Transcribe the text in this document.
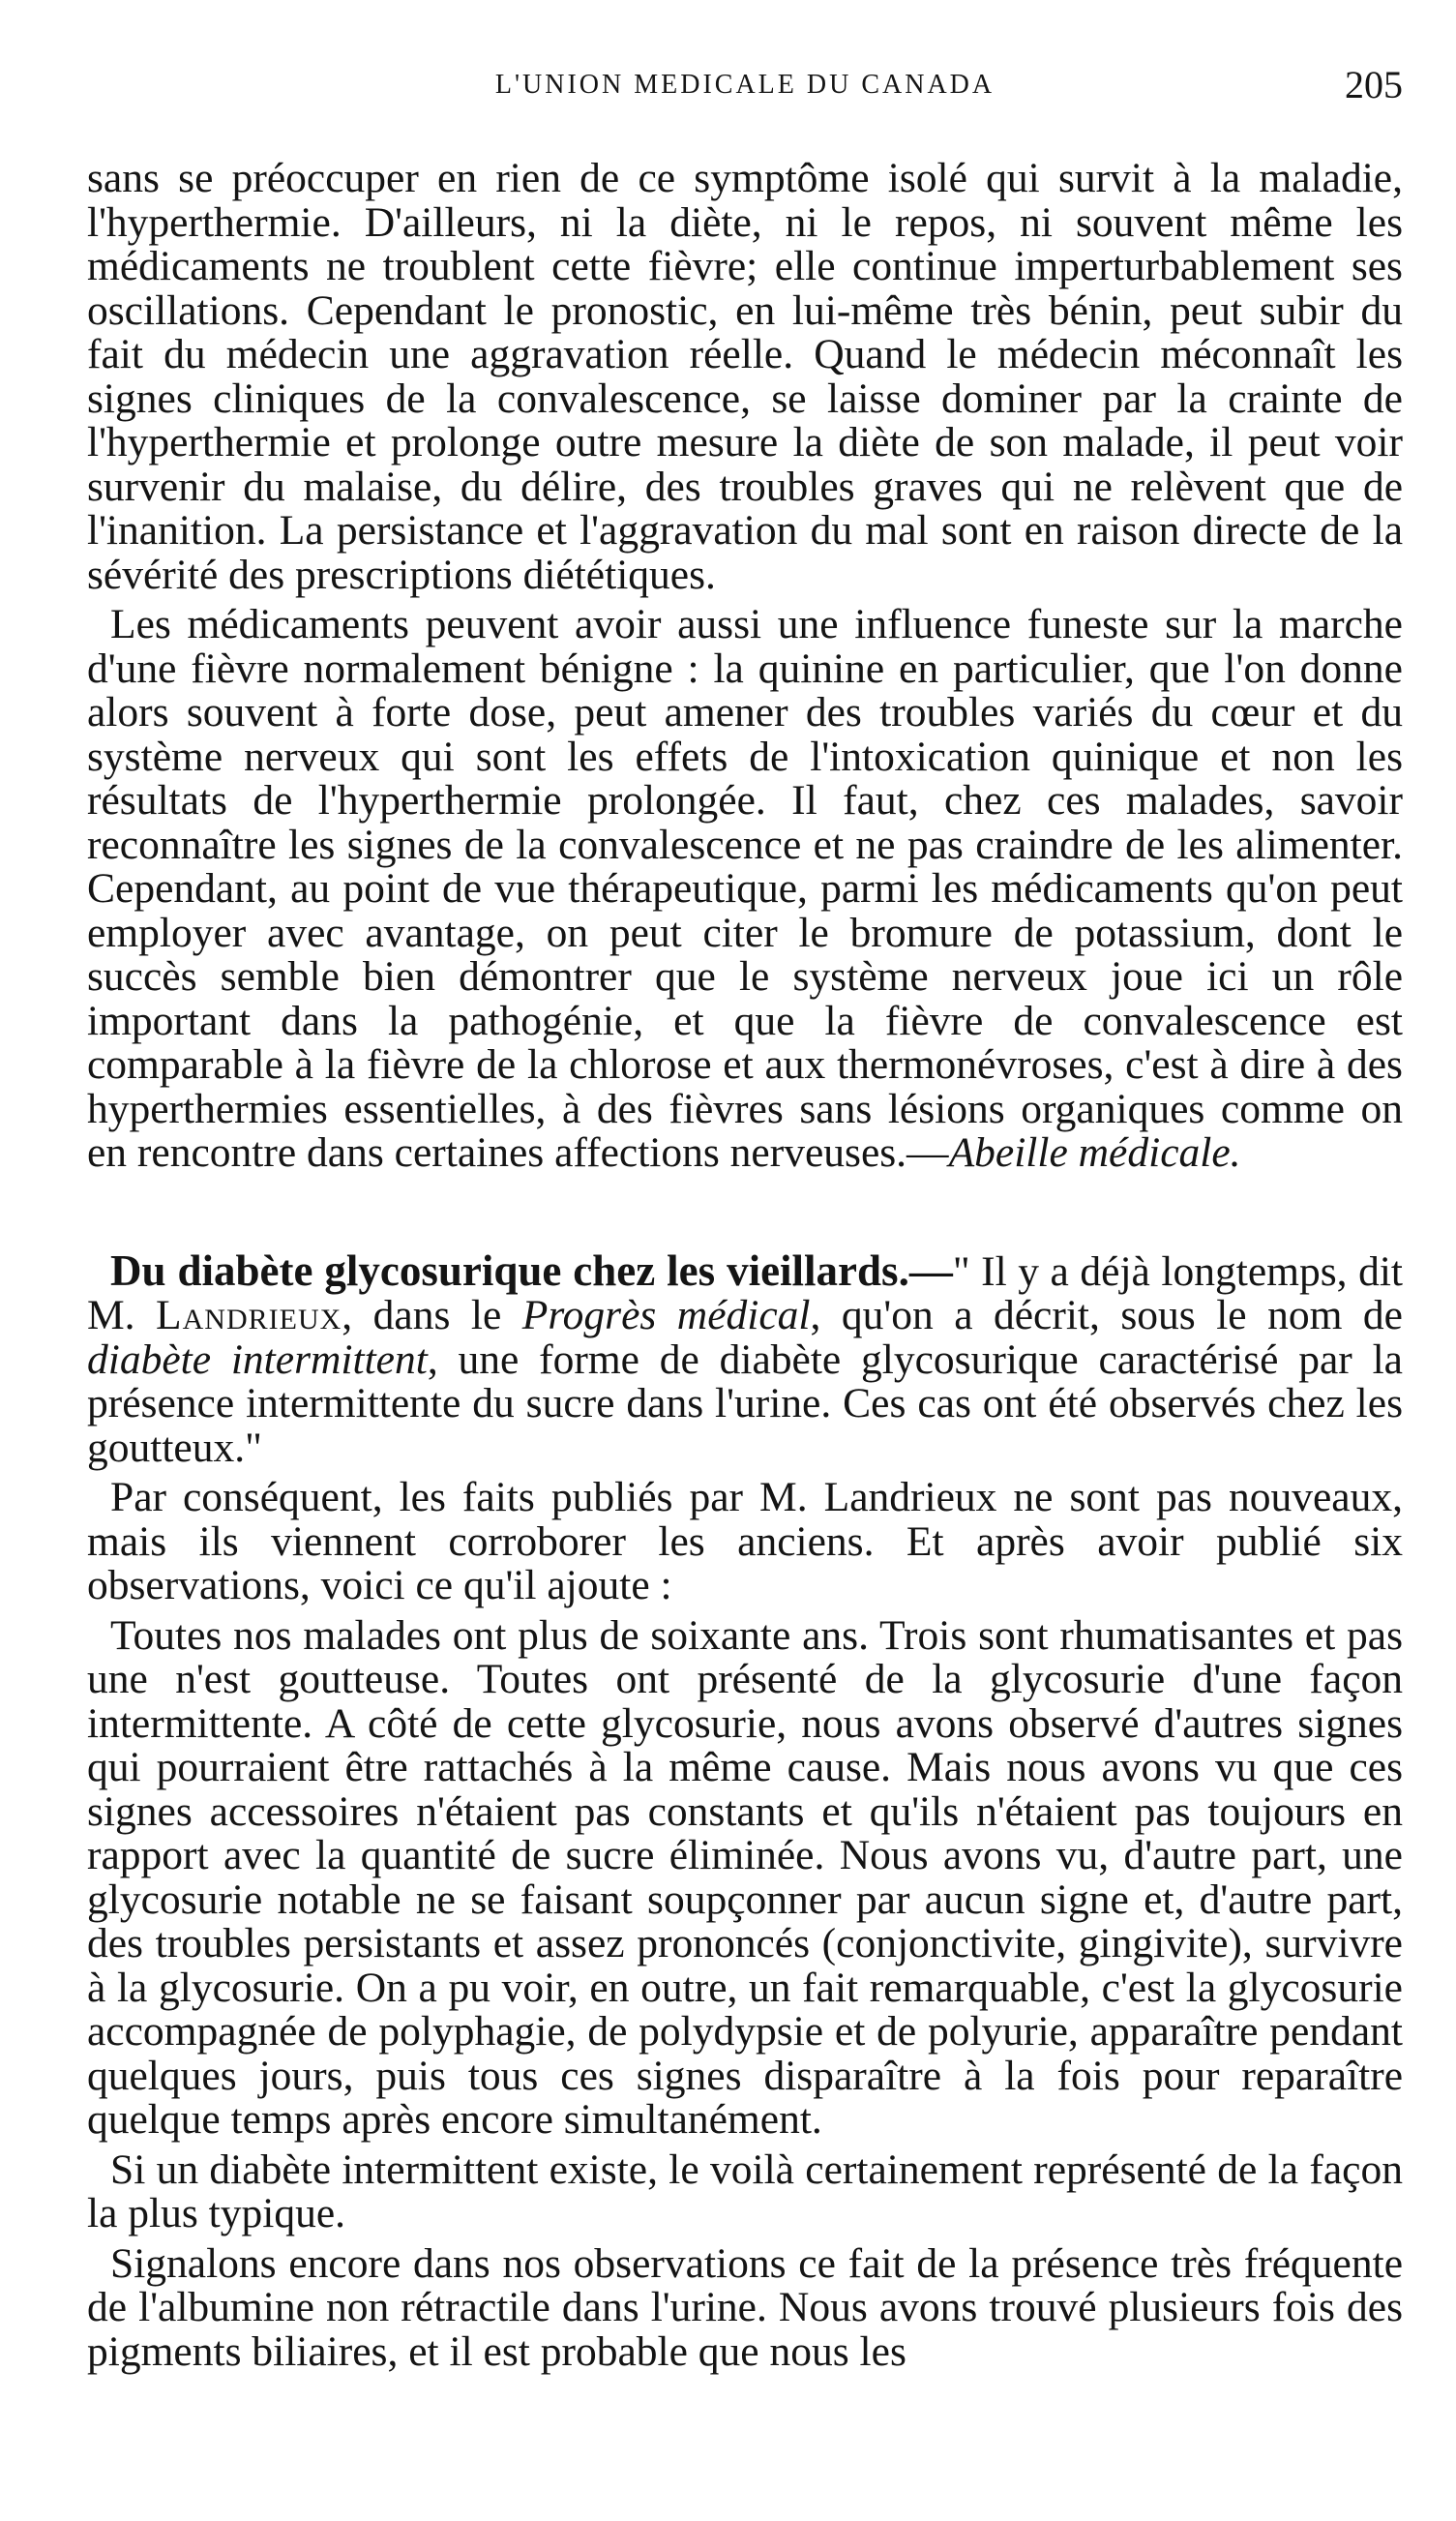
L'UNION MEDICALE DU CANADA	205

sans se préoccuper en rien de ce symptôme isolé qui survit à la maladie, l'hyperthermie. D'ailleurs, ni la diète, ni le repos, ni souvent même les médicaments ne troublent cette fièvre; elle continue imperturbablement ses oscillations. Cependant le pronostic, en lui-même très bénin, peut subir du fait du médecin une aggravation réelle. Quand le médecin méconnaît les signes cliniques de la convalescence, se laisse dominer par la crainte de l'hyperthermie et prolonge outre mesure la diète de son malade, il peut voir survenir du malaise, du délire, des troubles graves qui ne relèvent que de l'inanition. La persistance et l'aggravation du mal sont en raison directe de la sévérité des prescriptions diététiques.

Les médicaments peuvent avoir aussi une influence funeste sur la marche d'une fièvre normalement bénigne : la quinine en particulier, que l'on donne alors souvent à forte dose, peut amener des troubles variés du cœur et du système nerveux qui sont les effets de l'intoxication quinique et non les résultats de l'hyperthermie prolongée. Il faut, chez ces malades, savoir reconnaître les signes de la convalescence et ne pas craindre de les alimenter. Cependant, au point de vue thérapeutique, parmi les médicaments qu'on peut employer avec avantage, on peut citer le bromure de potassium, dont le succès semble bien démontrer que le système nerveux joue ici un rôle important dans la pathogénie, et que la fièvre de convalescence est comparable à la fièvre de la chlorose et aux thermonévroses, c'est à dire à des hyperthermies essentielles, à des fièvres sans lésions organiques comme on en rencontre dans certaines affections nerveuses.—Abeille médicale.

Du diabète glycosurique chez les vieillards.—" Il y a déjà longtemps, dit M. Landrieux, dans le Progrès médical, qu'on a décrit, sous le nom de diabète intermittent, une forme de diabète glycosurique caractérisé par la présence intermittente du sucre dans l'urine. Ces cas ont été observés chez les goutteux."

Par conséquent, les faits publiés par M. Landrieux ne sont pas nouveaux, mais ils viennent corroborer les anciens. Et après avoir publié six observations, voici ce qu'il ajoute :

Toutes nos malades ont plus de soixante ans. Trois sont rhumatisantes et pas une n'est goutteuse. Toutes ont présenté de la glycosurie d'une façon intermittente. A côté de cette glycosurie, nous avons observé d'autres signes qui pourraient être rattachés à la même cause. Mais nous avons vu que ces signes accessoires n'étaient pas constants et qu'ils n'étaient pas toujours en rapport avec la quantité de sucre éliminée. Nous avons vu, d'autre part, une glycosurie notable ne se faisant soupçonner par aucun signe et, d'autre part, des troubles persistants et assez prononcés (conjonctivite, gingivite), survivre à la glycosurie. On a pu voir, en outre, un fait remarquable, c'est la glycosurie accompagnée de polyphagie, de polydypsie et de polyurie, apparaître pendant quelques jours, puis tous ces signes disparaître à la fois pour reparaître quelque temps après encore simultanément.

Si un diabète intermittent existe, le voilà certainement représenté de la façon la plus typique.

Signalons encore dans nos observations ce fait de la présence très fréquente de l'albumine non rétractile dans l'urine. Nous avons trouvé plusieurs fois des pigments biliaires, et il est probable que nous les
